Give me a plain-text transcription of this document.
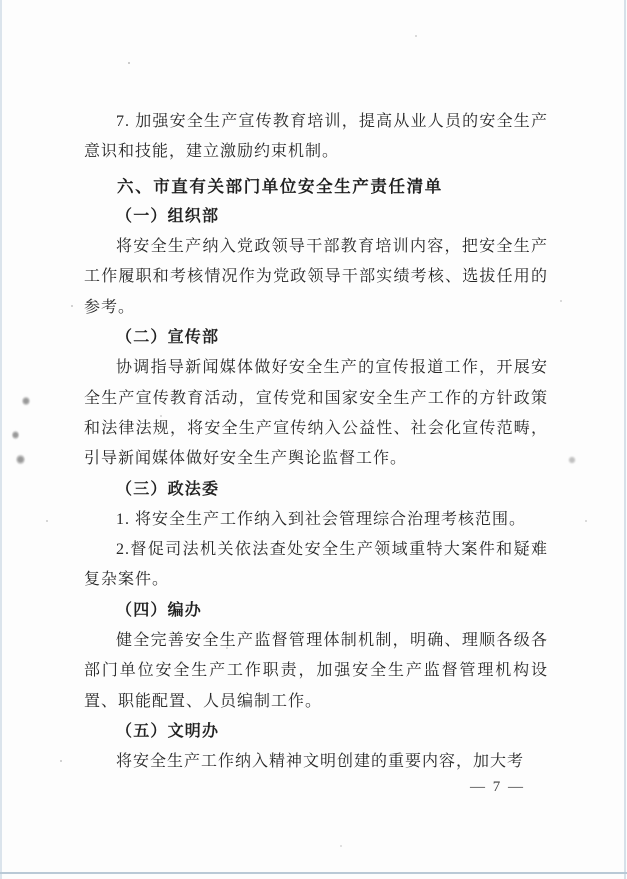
7. 加强安全生产宣传教育培训，提高从业人员的安全生产意识和技能，建立激励约束机制。

六、市直有关部门单位安全生产责任清单

（一）组织部

将安全生产纳入党政领导干部教育培训内容，把安全生产工作履职和考核情况作为党政领导干部实绩考核、选拔任用的参考。

（二）宣传部

协调指导新闻媒体做好安全生产的宣传报道工作，开展安全生产宣传教育活动，宣传党和国家安全生产工作的方针政策和法律法规，将安全生产宣传纳入公益性、社会化宣传范畴，引导新闻媒体做好安全生产舆论监督工作。

（三）政法委

1. 将安全生产工作纳入到社会管理综合治理考核范围。

2.督促司法机关依法查处安全生产领域重特大案件和疑难复杂案件。

（四）编办

健全完善安全生产监督管理体制机制，明确、理顺各级各部门单位安全生产工作职责，加强安全生产监督管理机构设置、职能配置、人员编制工作。

（五）文明办

将安全生产工作纳入精神文明创建的重要内容，加大考

— 7 —
